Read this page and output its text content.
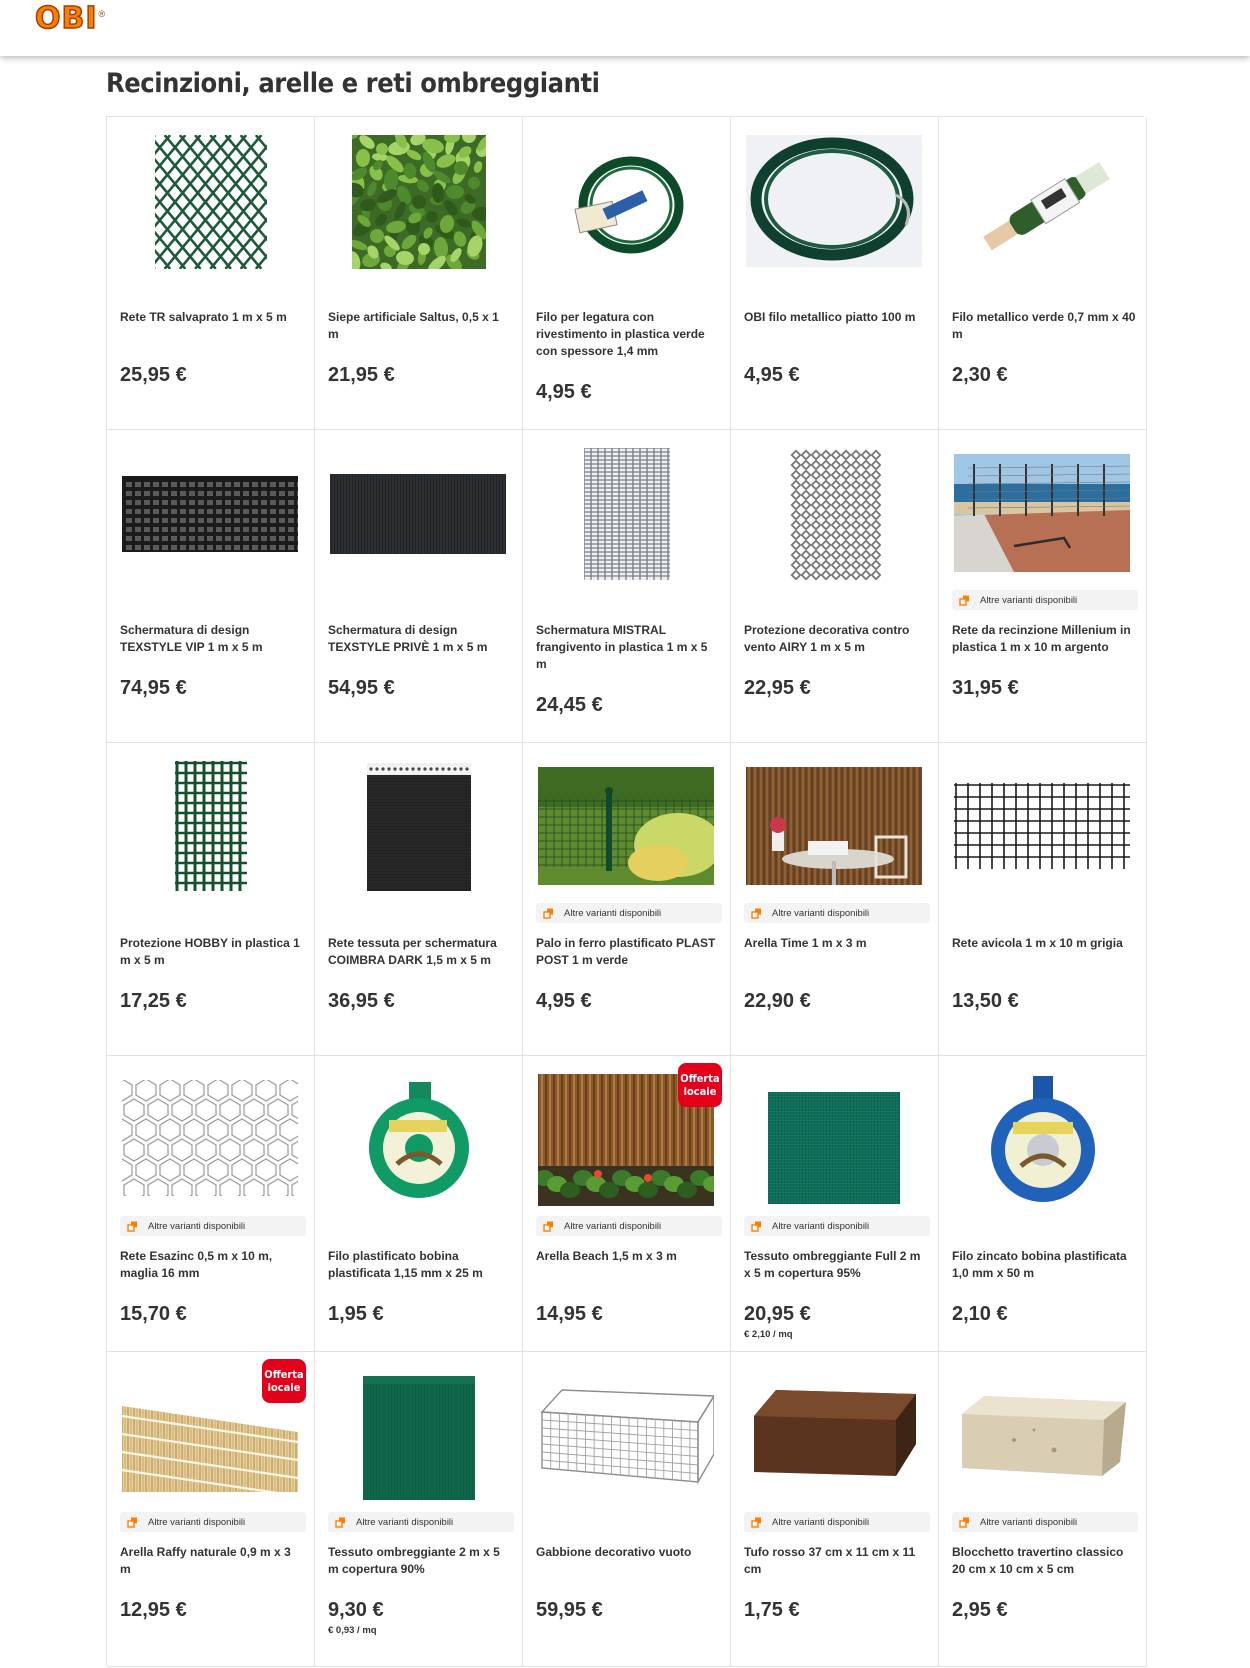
OBI ®
Recinzioni, arelle e reti ombreggianti
Rete TR salvaprato 1 m x 5 m
25,95 €
Siepe artificiale Saltus, 0,5 x 1 m
21,95 €
Filo per legatura con rivestimento in plastica verde con spessore 1,4 mm
4,95 €
OBI filo metallico piatto 100 m
4,95 €
Filo metallico verde 0,7 mm x 40 m
2,30 €
Schermatura di design TEXSTYLE VIP 1 m x 5 m
74,95 €
Schermatura di design TEXSTYLE PRIVÈ 1 m x 5 m
54,95 €
Schermatura MISTRAL frangivento in plastica 1 m x 5 m
24,45 €
Protezione decorativa contro vento AIRY 1 m x 5 m
22,95 €
Altre varianti disponibili
Rete da recinzione Millenium in plastica 1 m x 10 m argento
31,95 €
Protezione HOBBY in plastica 1 m x 5 m
17,25 €
Rete tessuta per schermatura COIMBRA DARK 1,5 m x 5 m
36,95 €
Altre varianti disponibili
Palo in ferro plastificato PLAST POST 1 m verde
4,95 €
Altre varianti disponibili
Arella Time 1 m x 3 m
22,90 €
Rete avicola 1 m x 10 m grigia
13,50 €
Altre varianti disponibili
Rete Esazinc 0,5 m x 10 m, maglia 16 mm
15,70 €
Filo plastificato bobina plastificata 1,15 mm x 25 m
1,95 €
Offerta
locale
Altre varianti disponibili
Arella Beach 1,5 m x 3 m
14,95 €
Altre varianti disponibili
Tessuto ombreggiante Full 2 m x 5 m copertura 95%
20,95 €
€ 2,10 / mq
Filo zincato bobina plastificata 1,0 mm x 50 m
2,10 €
Offerta
locale
Altre varianti disponibili
Arella Raffy naturale 0,9 m x 3 m
12,95 €
Altre varianti disponibili
Tessuto ombreggiante 2 m x 5 m copertura 90%
9,30 €
€ 0,93 / mq
Gabbione decorativo vuoto
59,95 €
Altre varianti disponibili
Tufo rosso 37 cm x 11 cm x 11 cm
1,75 €
Altre varianti disponibili
Blocchetto travertino classico 20 cm x 10 cm x 5 cm
2,95 €
